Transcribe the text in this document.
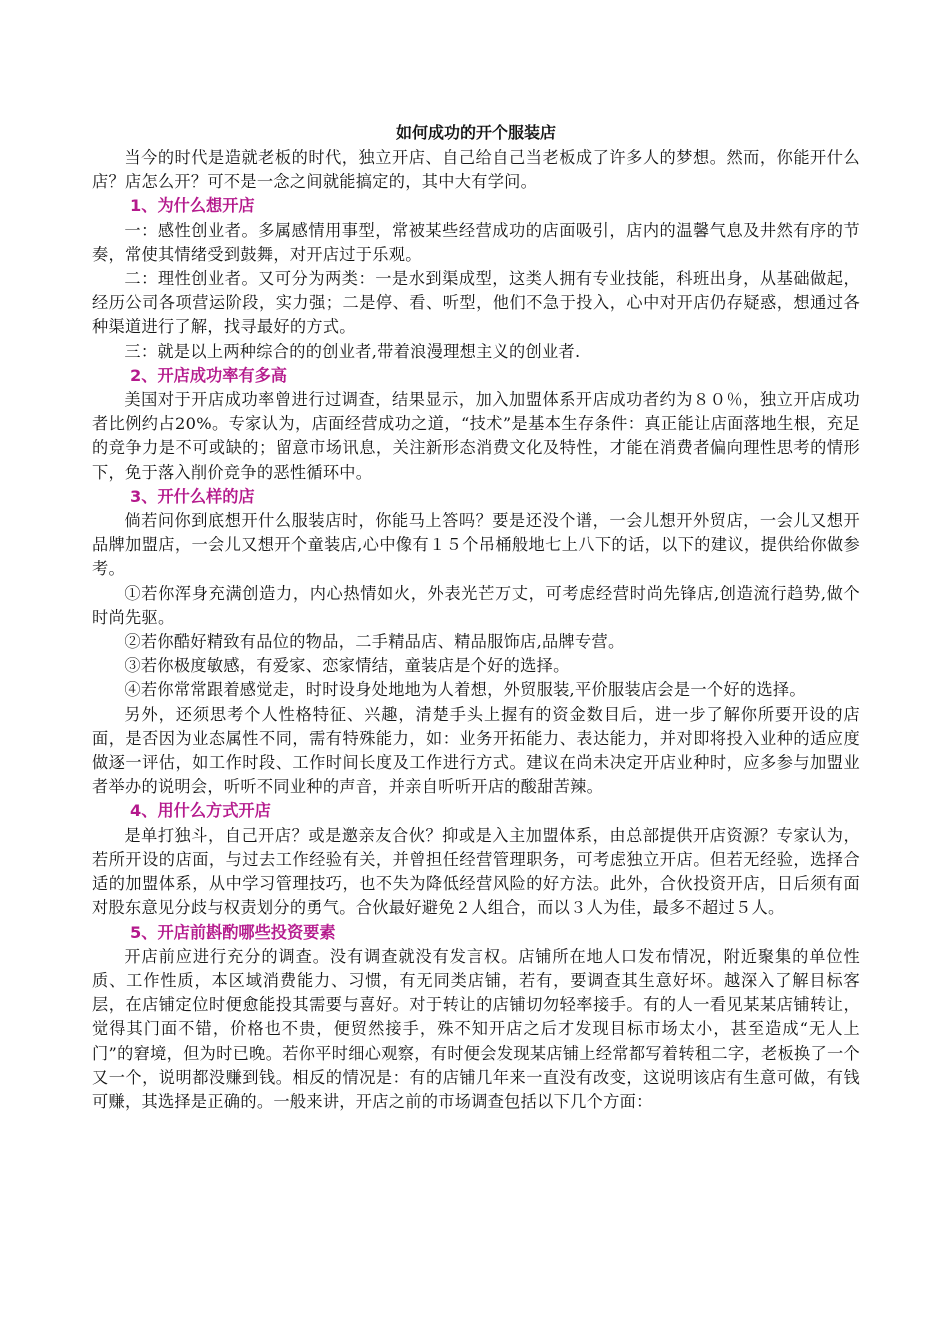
如何成功的开个服装店

当今的时代是造就老板的时代，独立开店、自己给自己当老板成了许多人的梦想。然而，你能开什么店？店怎么开？可不是一念之间就能搞定的，其中大有学问。

1、为什么想开店

一：感性创业者。多属感情用事型，常被某些经营成功的店面吸引，店内的温馨气息及井然有序的节奏，常使其情绪受到鼓舞，对开店过于乐观。

二：理性创业者。又可分为两类：一是水到渠成型，这类人拥有专业技能，科班出身，从基础做起，经历公司各项营运阶段，实力强；二是停、看、听型，他们不急于投入，心中对开店仍存疑惑，想通过各种渠道进行了解，找寻最好的方式。

三：就是以上两种综合的的创业者,带着浪漫理想主义的创业者.

2、开店成功率有多高

美国对于开店成功率曾进行过调查，结果显示，加入加盟体系开店成功者约为８０％，独立开店成功者比例约占20%。专家认为，店面经营成功之道，“技术”是基本生存条件：真正能让店面落地生根，充足的竞争力是不可或缺的；留意市场讯息，关注新形态消费文化及特性，才能在消费者偏向理性思考的情形下，免于落入削价竞争的恶性循环中。

3、开什么样的店

倘若问你到底想开什么服装店时，你能马上答吗？要是还没个谱，一会儿想开外贸店，一会儿又想开品牌加盟店，一会儿又想开个童装店,心中像有１５个吊桶般地七上八下的话，以下的建议，提供给你做参考。

①若你浑身充满创造力，内心热情如火，外表光芒万丈，可考虑经营时尚先锋店,创造流行趋势,做个时尚先驱。

②若你酷好精致有品位的物品，二手精品店、精品服饰店,品牌专营。

③若你极度敏感，有爱家、恋家情结，童装店是个好的选择。

④若你常常跟着感觉走，时时设身处地地为人着想，外贸服装,平价服装店会是一个好的选择。

另外，还须思考个人性格特征、兴趣，清楚手头上握有的资金数目后，进一步了解你所要开设的店面，是否因为业态属性不同，需有特殊能力，如：业务开拓能力、表达能力，并对即将投入业种的适应度做逐一评估，如工作时段、工作时间长度及工作进行方式。建议在尚未决定开店业种时，应多参与加盟业者举办的说明会，听听不同业种的声音，并亲自听听开店的酸甜苦辣。

4、用什么方式开店

是单打独斗，自己开店？或是邀亲友合伙？抑或是入主加盟体系，由总部提供开店资源？专家认为，若所开设的店面，与过去工作经验有关，并曾担任经营管理职务，可考虑独立开店。但若无经验，选择合适的加盟体系，从中学习管理技巧，也不失为降低经营风险的好方法。此外，合伙投资开店，日后须有面对股东意见分歧与权责划分的勇气。合伙最好避免２人组合，而以３人为佳，最多不超过５人。

5、开店前斟酌哪些投资要素

开店前应进行充分的调查。没有调查就没有发言权。店铺所在地人口发布情况，附近聚集的单位性质、工作性质，本区域消费能力、习惯，有无同类店铺，若有，要调查其生意好坏。越深入了解目标客层，在店铺定位时便愈能投其需要与喜好。对于转让的店铺切勿轻率接手。有的人一看见某某店铺转让，觉得其门面不错，价格也不贵，便贸然接手，殊不知开店之后才发现目标市场太小，甚至造成“无人上门”的窘境，但为时已晚。若你平时细心观察，有时便会发现某店铺上经常都写着转租二字，老板换了一个又一个，说明都没赚到钱。相反的情况是：有的店铺几年来一直没有改变，这说明该店有生意可做，有钱可赚，其选择是正确的。一般来讲，开店之前的市场调查包括以下几个方面：
